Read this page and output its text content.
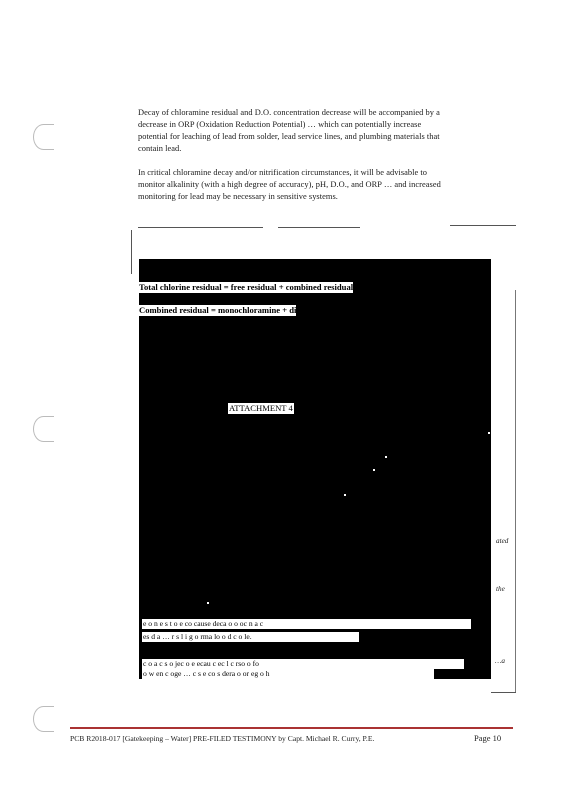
Decay of chloramine residual and D.O. concentration decrease will be accompanied by a
decrease in ORP (Oxidation Reduction Potential) … which can potentially increase
potential for leaching of lead from solder, lead service lines, and plumbing materials that
contain lead.
In critical chloramine decay and/or nitrification circumstances, it will be advisable to
monitor alkalinity (with a high degree of accuracy), pH, D.O., and ORP … and increased
monitoring for lead may be necessary in sensitive systems.
Total chlorine residual = free residual + combined residual
Combined residual = monochloramine + di
e o n e s t o e co cause deca o o oc n a c
es d a … r s l i g o rma lo o d c o le.
c o a c s o jec o e ecau c ec l c rso o fo
o w en c oge … c s e co s dera o or eg o h
ATTACHMENT 4
ated
the
…a
PCB R2018-017 [Gatekeeping – Water] PRE-FILED TESTIMONY by Capt. Michael R. Curry, P.E.	Page 10
